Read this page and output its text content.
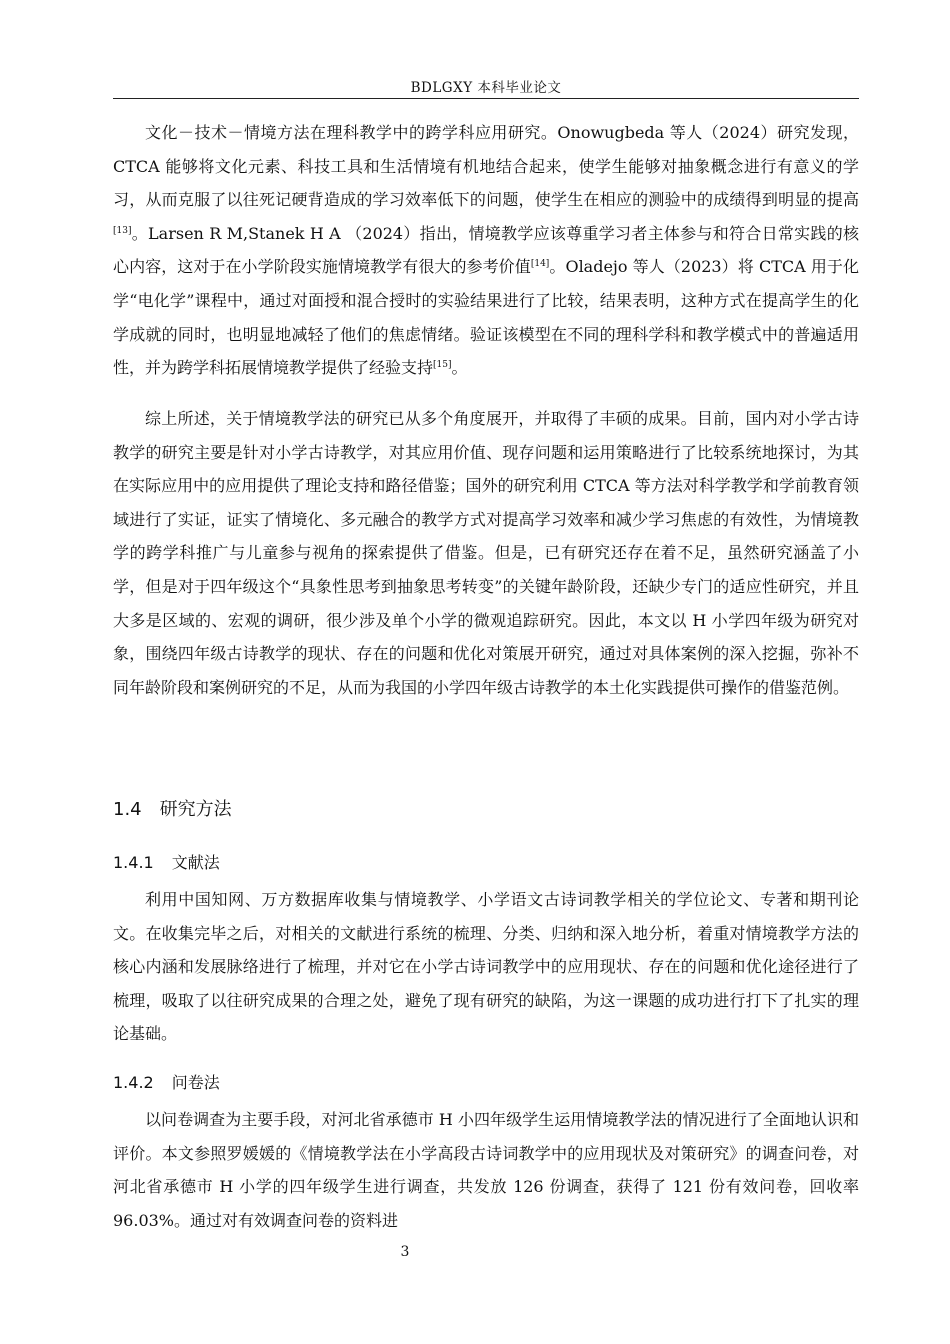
BDLGXY 本科毕业论文

文化－技术－情境方法在理科教学中的跨学科应用研究。Onowugbeda 等人（2024）研究发现，CTCA 能够将文化元素、科技工具和生活情境有机地结合起来，使学生能够对抽象概念进行有意义的学习，从而克服了以往死记硬背造成的学习效率低下的问题，使学生在相应的测验中的成绩得到明显的提高[13]。Larsen R M,Stanek H A （2024）指出，情境教学应该尊重学习者主体参与和符合日常实践的核心内容，这对于在小学阶段实施情境教学有很大的参考价值[14]。Oladejo 等人（2023）将 CTCA 用于化学“电化学”课程中，通过对面授和混合授时的实验结果进行了比较，结果表明，这种方式在提高学生的化学成就的同时，也明显地减轻了他们的焦虑情绪。验证该模型在不同的理科学科和教学模式中的普遍适用性，并为跨学科拓展情境教学提供了经验支持[15]。

综上所述，关于情境教学法的研究已从多个角度展开，并取得了丰硕的成果。目前，国内对小学古诗教学的研究主要是针对小学古诗教学，对其应用价值、现存问题和运用策略进行了比较系统地探讨，为其在实际应用中的应用提供了理论支持和路径借鉴；国外的研究利用 CTCA 等方法对科学教学和学前教育领域进行了实证，证实了情境化、多元融合的教学方式对提高学习效率和减少学习焦虑的有效性，为情境教学的跨学科推广与儿童参与视角的探索提供了借鉴。但是，已有研究还存在着不足，虽然研究涵盖了小学，但是对于四年级这个“具象性思考到抽象思考转变”的关键年龄阶段，还缺少专门的适应性研究，并且大多是区域的、宏观的调研，很少涉及单个小学的微观追踪研究。因此，本文以 H 小学四年级为研究对象，围绕四年级古诗教学的现状、存在的问题和优化对策展开研究，通过对具体案例的深入挖掘，弥补不同年龄阶段和案例研究的不足，从而为我国的小学四年级古诗教学的本土化实践提供可操作的借鉴范例。

1.4 研究方法
1.4.1 文献法

利用中国知网、万方数据库收集与情境教学、小学语文古诗词教学相关的学位论文、专著和期刊论文。在收集完毕之后，对相关的文献进行系统的梳理、分类、归纳和深入地分析，着重对情境教学方法的核心内涵和发展脉络进行了梳理，并对它在小学古诗词教学中的应用现状、存在的问题和优化途径进行了梳理，吸取了以往研究成果的合理之处，避免了现有研究的缺陷，为这一课题的成功进行打下了扎实的理论基础。

1.4.2 问卷法

以问卷调查为主要手段，对河北省承德市 H 小四年级学生运用情境教学法的情况进行了全面地认识和评价。本文参照罗媛媛的《情境教学法在小学高段古诗词教学中的应用现状及对策研究》的调查问卷，对河北省承德市 H 小学的四年级学生进行调查，共发放 126 份调查，获得了 121 份有效问卷，回收率 96.03%。通过对有效调查问卷的资料进

3
